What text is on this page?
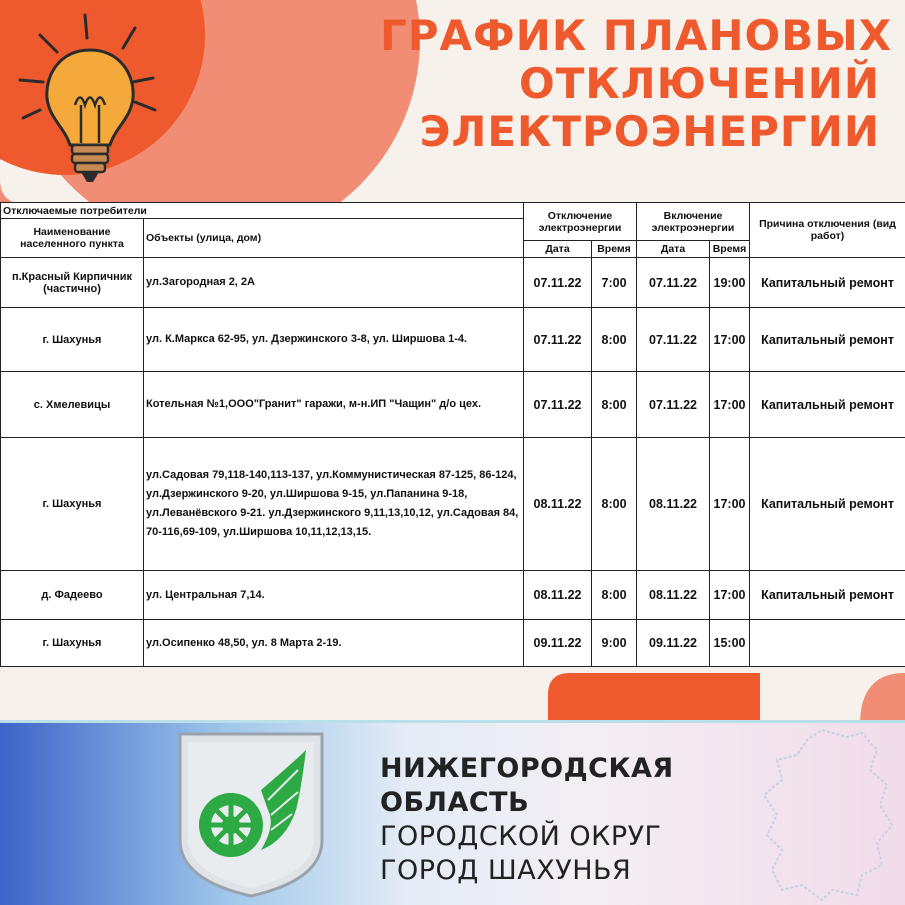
ГРАФИК ПЛАНОВЫХ
ОТКЛЮЧЕНИЙ
ЭЛЕКТРОЭНЕРГИИ
Отключаемые потребители		Отключение электроэнергии		Включение электроэнергии		Причина отключения (вид работ)
Наименование населенного пункта	Объекты (улица, дом)					
		Дата	Время	Дата	Время	
п.Красный Кирпичник (частично)	ул.Загородная 2, 2А	07.11.22	7:00	07.11.22	19:00	Капитальный ремонт
г. Шахунья	ул. К.Маркса 62-95, ул. Дзержинского 3-8, ул. Ширшова 1-4.	07.11.22	8:00	07.11.22	17:00	Капитальный ремонт
с. Хмелевицы	Котельная №1,ООО"Гранит" гаражи, м-н.ИП "Чащин" д/о цех.	07.11.22	8:00	07.11.22	17:00	Капитальный ремонт
г. Шахунья	ул.Садовая 79,118-140,113-137, ул.Коммунистическая 87-125, 86-124, ул.Дзержинского 9-20, ул.Ширшова 9-15, ул.Папанина 9-18, ул.Леванёвского 9-21. ул.Дзержинского 9,11,13,10,12, ул.Садовая 84, 70-116,69-109, ул.Ширшова 10,11,12,13,15.	08.11.22	8:00	08.11.22	17:00	Капитальный ремонт
д. Фадеево	ул. Центральная 7,14.	08.11.22	8:00	08.11.22	17:00	Капитальный ремонт
г. Шахунья	ул.Осипенко 48,50, ул. 8 Марта 2-19.	09.11.22	9:00	09.11.22	15:00	
НИЖЕГОРОДСКАЯ
ОБЛАСТЬ
ГОРОДСКОЙ ОКРУГ
ГОРОД ШАХУНЬЯ
